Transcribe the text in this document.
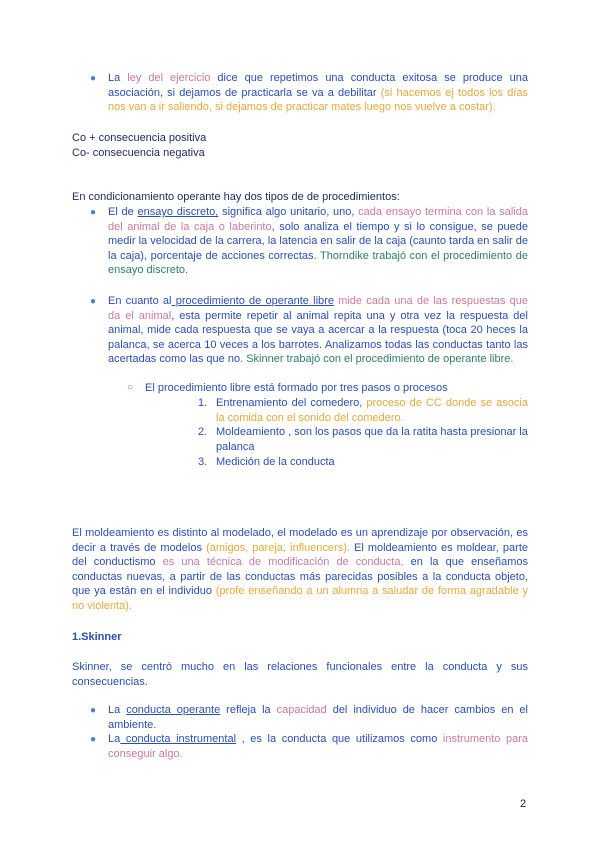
● La ley del ejercicio dice que repetimos una conducta exitosa se produce una asociación, si dejamos de practicarla se va a debilitar (si hacemos ej todos los días nos van a ir saliendo, si dejamos de practicar mates luego nos vuelve a costar).
Co + consecuencia positiva
Co- consecuencia negativa
En condicionamiento operante hay dos tipos de de procedimientos:
● El de ensayo discreto, significa algo unitario, uno, cada ensayo termina con la salida del animal de la caja o laberinto, solo analiza el tiempo y si lo consigue, se puede medir la velocidad de la carrera, la latencia en salir de la caja (caunto tarda en salir de la caja), porcentaje de acciones correctas. Thorndike trabajó con el procedimiento de ensayo discreto.
● En cuanto al procedimiento de operante libre mide cada una de las respuestas que da el animal, esta permite repetir al animal repita una y otra vez la respuesta del animal, mide cada respuesta que se vaya a acercar a la respuesta (toca 20 heces la palanca, se acerca 10 veces a los barrotes. Analizamos todas las conductas tanto las acertadas como las que no. Skinner trabajó con el procedimiento de operante libre.
○ El procedimiento libre está formado por tres pasos o procesos
1. Entrenamiento del comedero, proceso de CC donde se asocia la comida con el sonido del comedero.
2. Moldeamiento , son los pasos que da la ratita hasta presionar la palanca
3. Medición de la conducta
El moldeamiento es distinto al modelado, el modelado es un aprendizaje por observación, es decir a través de modelos (amigos, pareja, influencers). El moldeamiento es moldear, parte del conductismo es una técnica de modificación de conducta, en la que enseñamos conductas nuevas, a partir de las conductas más parecidas posibles a la conducta objeto, que ya están en el individuo (profe enseñando a un alumna a saludar de forma agradable y no violenta).
1.Skinner
Skinner, se centró mucho en las relaciones funcionales entre la conducta y sus consecuencias.
● La conducta operante refleja la capacidad del individuo de hacer cambios en el ambiente.
● La conducta instrumental , es la conducta que utilizamos como instrumento para conseguir algo.
2
